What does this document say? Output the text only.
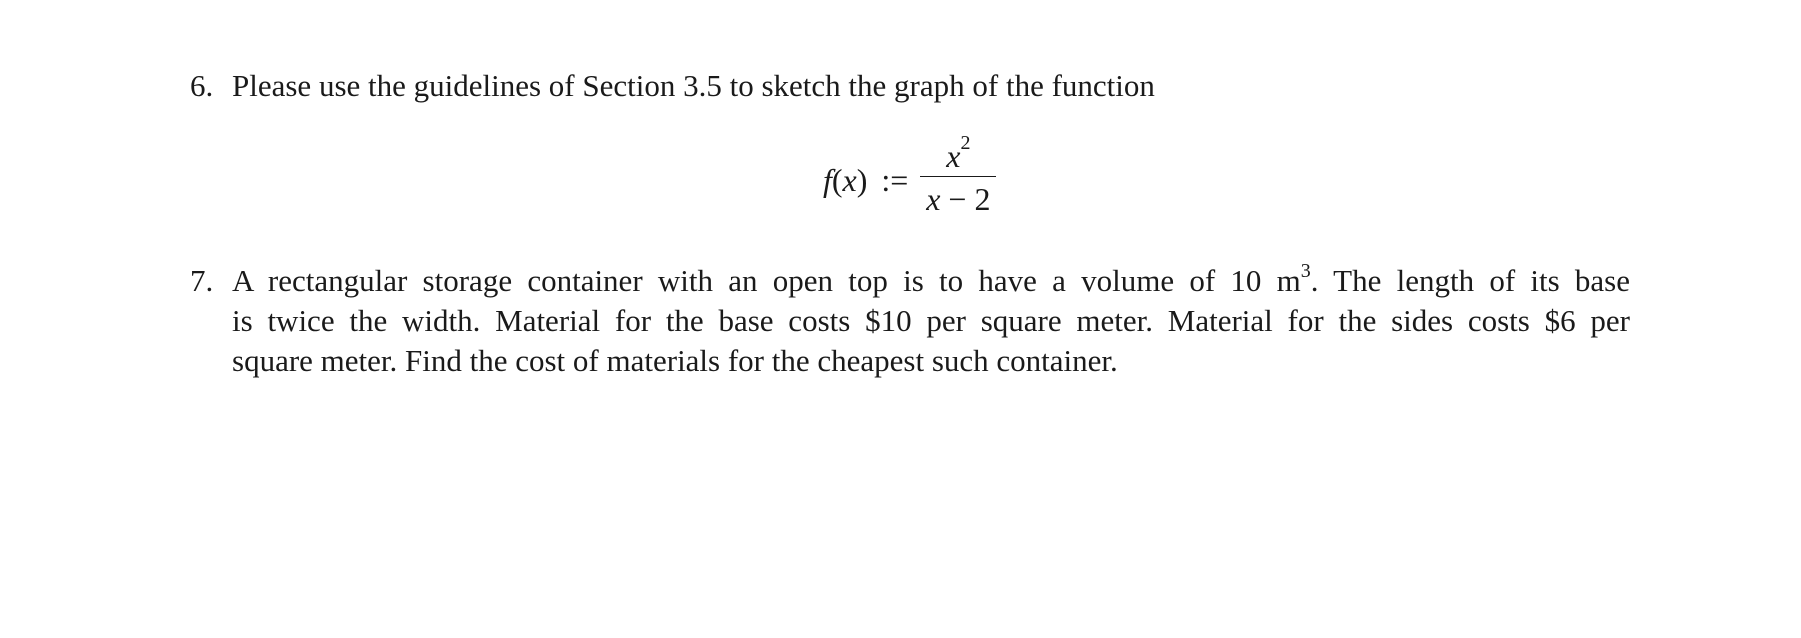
6. Please use the guidelines of Section 3.5 to sketch the graph of the function
f(x) := $\frac{x^2}{x - 2}$
7. A rectangular storage container with an open top is to have a volume of 10 $m^3$. The length of its base
is twice the width. Material for the base costs $10 per square meter. Material for the sides costs $6 per
square meter. Find the cost of materials for the cheapest such container.
